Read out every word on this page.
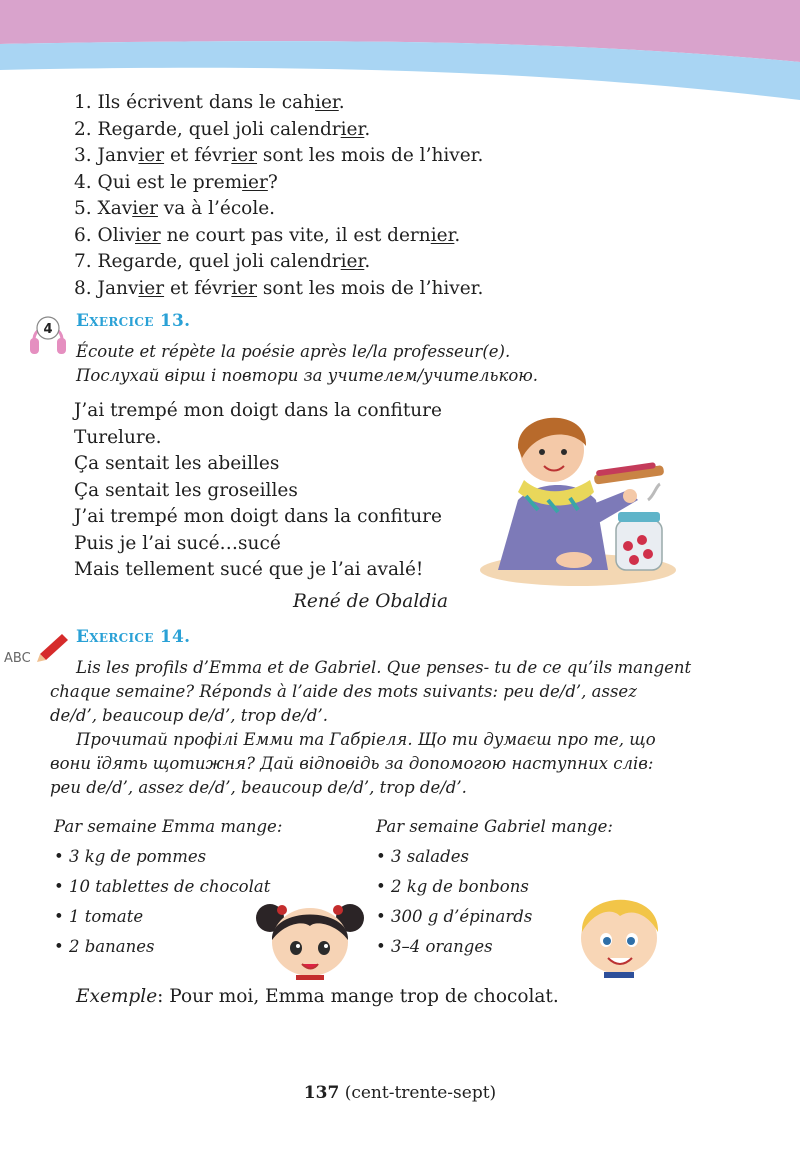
1. Ils écrivent dans le cahier.
2. Regarde, quel joli calendrier.
3. Janvier et février sont les mois de l’hiver.
4. Qui est le premier?
5. Xavier va à l’école.
6. Olivier ne court pas vite, il est dernier.
7. Regarde, quel joli calendrier.
8. Janvier et février sont les mois de l’hiver.
4 Exercice 13.

Écoute et répète la poésie après le/la professeur(e).

Послухай вірш і повтори за учителем/учителькою.

J’ai trempé mon doigt dans la confiture
Turelure.
Ça sentait les abeilles
Ça sentait les groseilles
J’ai trempé mon doigt dans la confiture
Puis je l’ai sucé…sucé
Mais tellement sucé que je l’ai avalé!
René de Obaldia
ABC
Exercice 14.

Lis les profils d’Emma et de Gabriel. Que penses- tu de ce qu’ils mangent

chaque semaine? Réponds à l’aide des mots suivants: peu de/d’, assez

de/d’, beaucoup de/d’, trop de/d’.

Прочитай профілі Емми та Габріеля. Що ти думаєш про те, що

вони їдять щотижня? Дай відповідь за допомогою наступних слів:

peu de/d’, assez de/d’, beaucoup de/d’, trop de/d’.

Par semaine Emma mange:
• 3 kg de pommes
• 10 tablettes de chocolat
• 1 tomate
• 2 bananes
Par semaine Gabriel mange:
• 3 salades
• 2 kg de bonbons
• 300 g d’épinards
• 3–4 oranges
Exemple: Pour moi, Emma mange trop de chocolat.
137 (cent-trente-sept)
